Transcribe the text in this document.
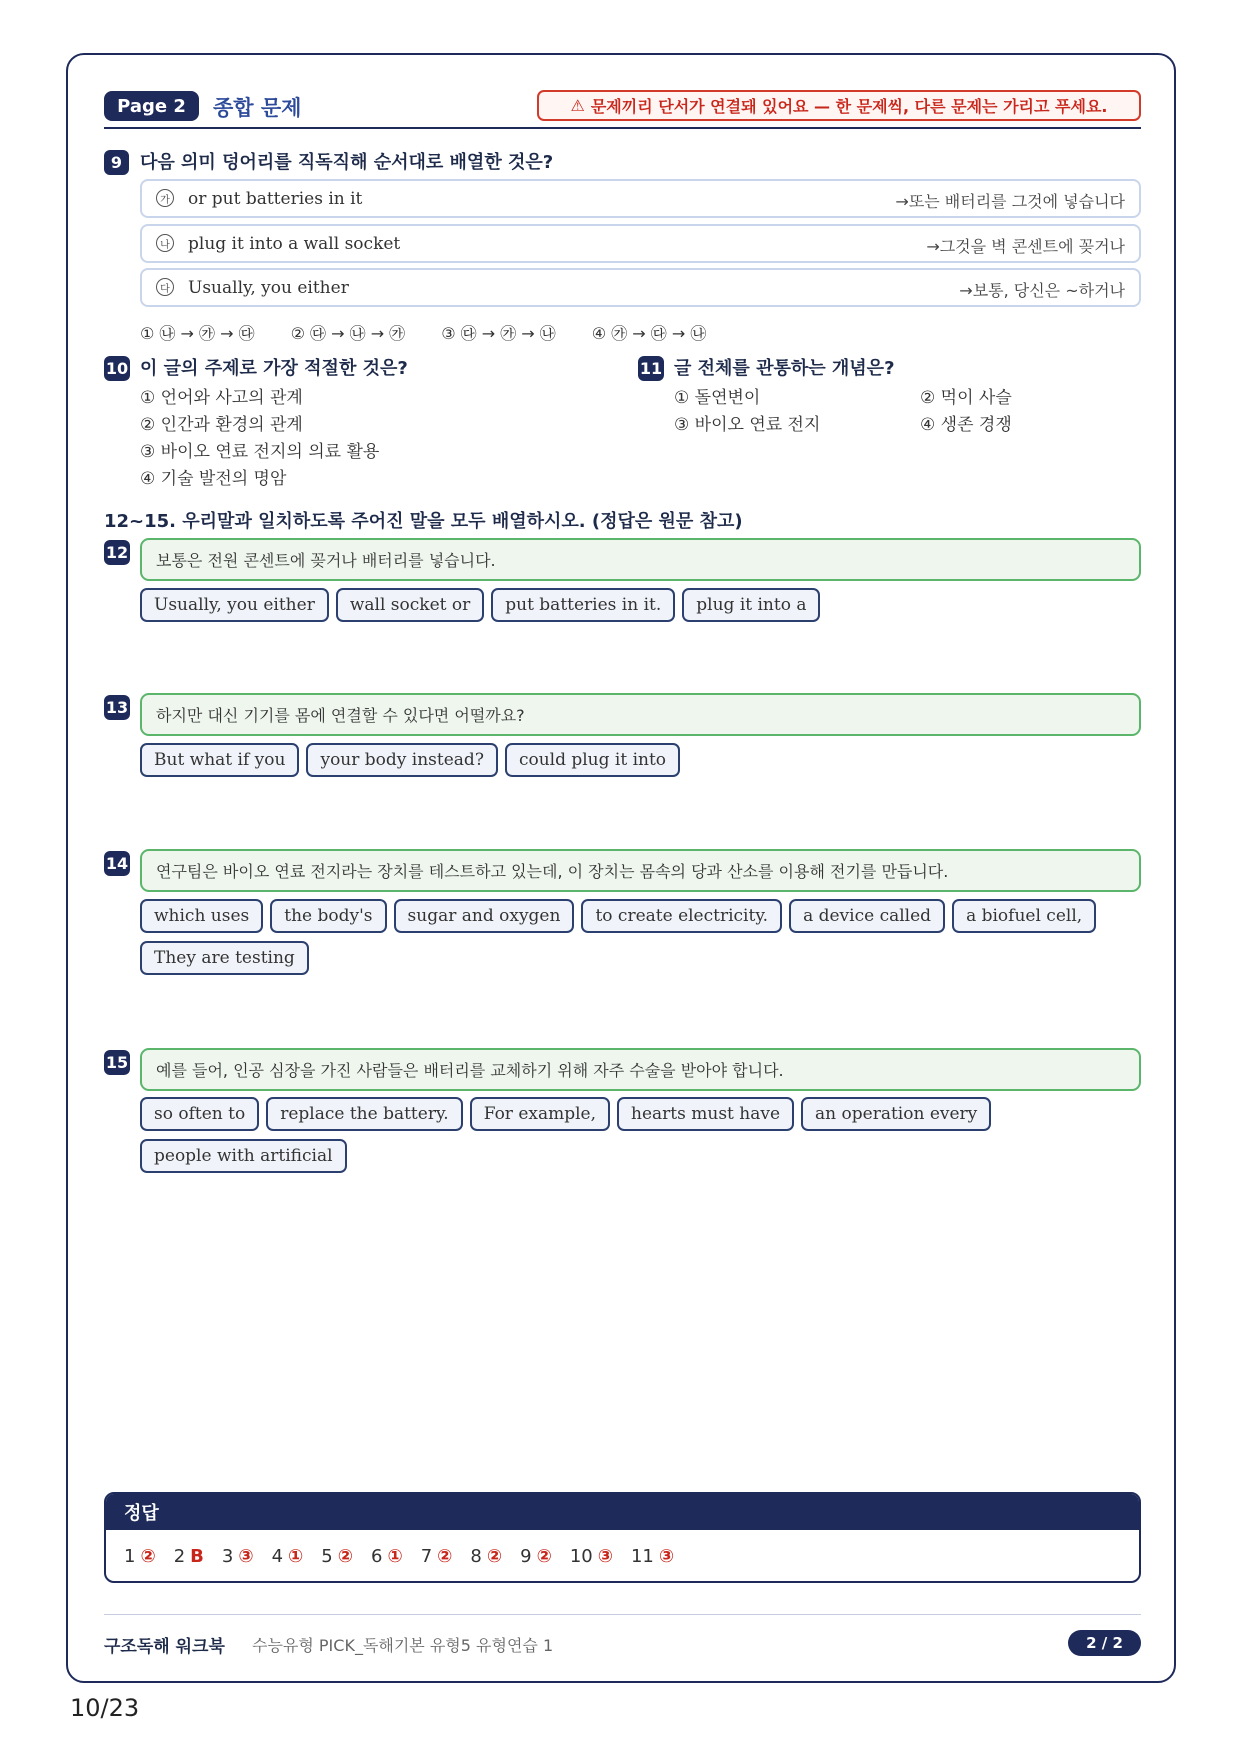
Page 2	종합 문제	⚠ 문제끼리 단서가 연결돼 있어요 — 한 문제씩, 다른 문제는 가리고 푸세요.
9 다음 의미 덩어리를 직독직해 순서대로 배열한 것은?
가 or put batteries in it	→또는 배터리를 그것에 넣습니다
나 plug it into a wall socket	→그것을 벽 콘센트에 꽂거나
다 Usually, you either	→보통, 당신은 ~하거나
① ㉯ → ㉮ → ㉰ ② ㉰ → ㉯ → ㉮ ③ ㉰ → ㉮ → ㉯ ④ ㉮ → ㉰ → ㉯
10 이 글의 주제로 가장 적절한 것은?
① 언어와 사고의 관계
② 인간과 환경의 관계
③ 바이오 연료 전지의 의료 활용
④ 기술 발전의 명암
11 글 전체를 관통하는 개념은?
① 돌연변이
③ 바이오 연료 전지
② 먹이 사슬
④ 생존 경쟁
12~15. 우리말과 일치하도록 주어진 말을 모두 배열하시오. (정답은 원문 참고)
12	보통은 전원 콘센트에 꽂거나 배터리를 넣습니다.
Usually, you either	wall socket or	put batteries in it.	plug it into a
13	하지만 대신 기기를 몸에 연결할 수 있다면 어떨까요?
But what if you	your body instead?	could plug it into
14	연구팀은 바이오 연료 전지라는 장치를 테스트하고 있는데, 이 장치는 몸속의 당과 산소를 이용해 전기를 만듭니다.
which uses	the body's	sugar and oxygen	to create electricity.	a device called	a biofuel cell,
They are testing
15	예를 들어, 인공 심장을 가진 사람들은 배터리를 교체하기 위해 자주 수술을 받아야 합니다.
so often to	replace the battery.	For example,	hearts must have	an operation every
people with artificial
정답
1 ② 2 B 3 ③ 4 ① 5 ② 6 ① 7 ② 8 ② 9 ② 10 ③ 11 ③
구조독해 워크북 수능유형 PICK_독해기본 유형5 유형연습 1	2 / 2
10/23
